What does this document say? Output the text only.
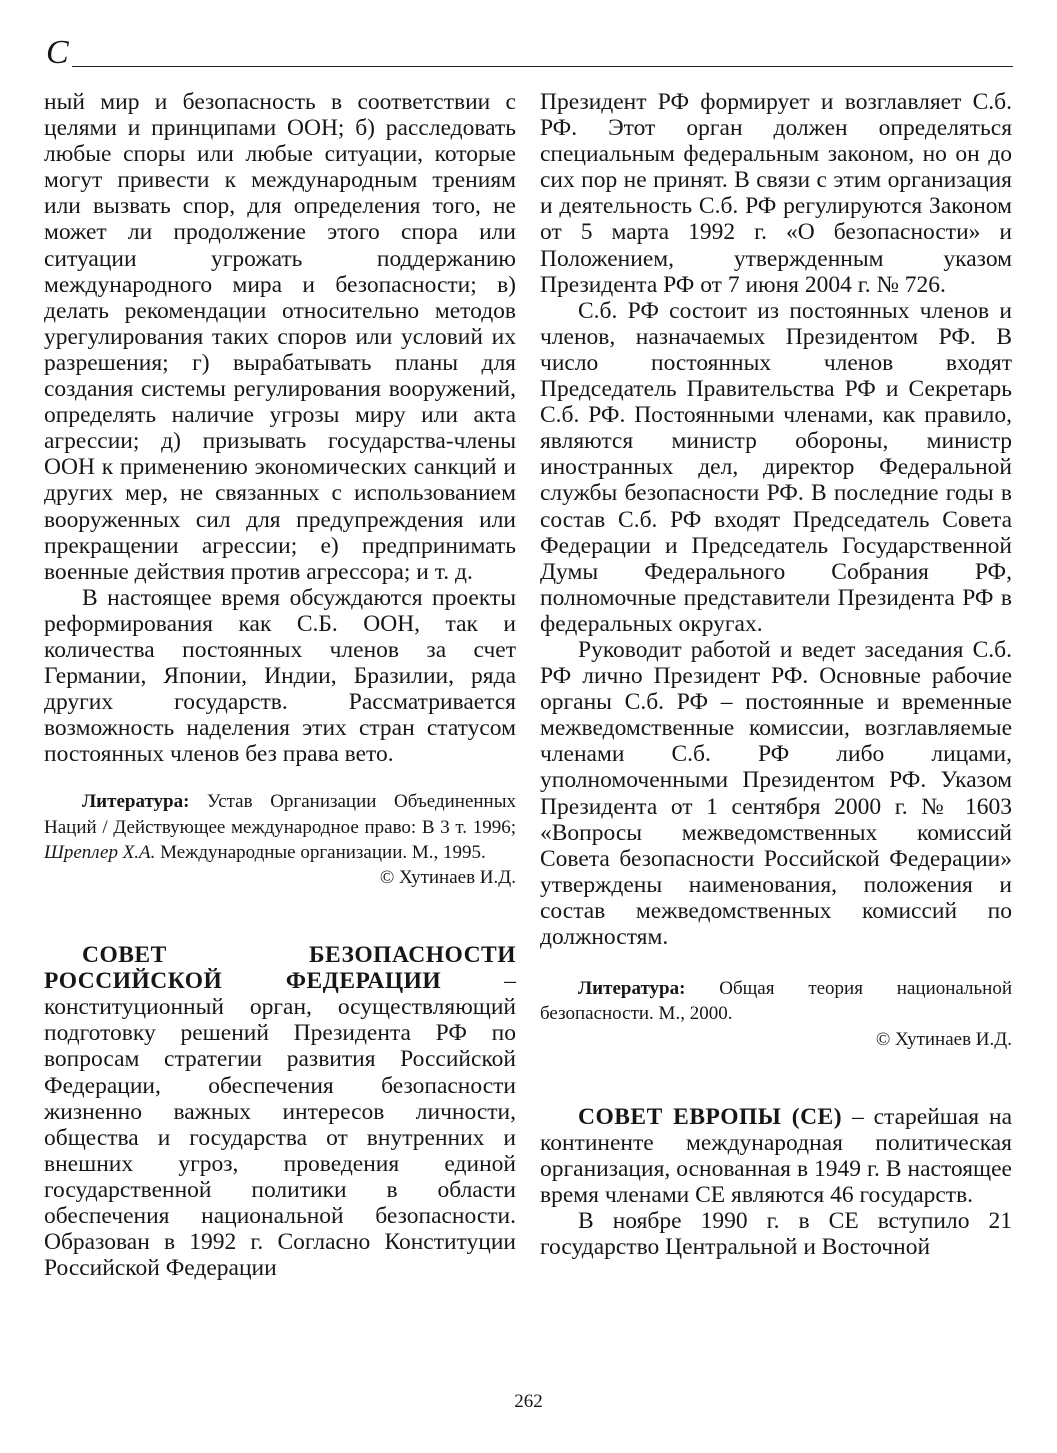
С

ный мир и безопасность в соответствии с целями и принципами ООН; б) расследовать любые споры или любые ситуации, которые могут привести к международным трениям или вызвать спор, для определения того, не может ли продолжение этого спора или ситуации угрожать поддержанию международного мира и безопасности; в) делать рекомендации относительно методов урегулирования таких споров или условий их разрешения; г) вырабатывать планы для создания системы регулирования вооружений, определять наличие угрозы миру или акта агрессии; д) призывать государства-члены ООН к применению экономических санкций и других мер, не связанных с использованием вооруженных сил для предупреждения или прекращении агрессии; е) предпринимать военные действия против агрессора; и т. д.

В настоящее время обсуждаются проекты реформирования как С.Б. ООН, так и количества постоянных членов за счет Германии, Японии, Индии, Бразилии, ряда других государств. Рассматривается возможность наделения этих стран статусом постоянных членов без права вето.

Литература: Устав Организации Объединенных Наций / Действующее международное право: В 3 т. 1996; Шреплер Х.А. Международные организации. М., 1995.

© Хутинаев И.Д.

СОВЕТ БЕЗОПАСНОСТИ РОССИЙСКОЙ ФЕДЕРАЦИИ – конституционный орган, осуществляющий подготовку решений Президента РФ по вопросам стратегии развития Российской Федерации, обеспечения безопасности жизненно важных интересов личности, общества и государства от внутренних и внешних угроз, проведения единой государственной политики в области обеспечения национальной безопасности. Образован в 1992 г. Согласно Конституции Российской Федерации

Президент РФ формирует и возглавляет С.б. РФ. Этот орган должен определяться специальным федеральным законом, но он до сих пор не принят. В связи с этим организация и деятельность С.б. РФ регулируются Законом от 5 марта 1992 г. «О безопасности» и Положением, утвержденным указом Президента РФ от 7 июня 2004 г. № 726.

С.б. РФ состоит из постоянных членов и членов, назначаемых Президентом РФ. В число постоянных членов входят Председатель Правительства РФ и Секретарь С.б. РФ. Постоянными членами, как правило, являются министр обороны, министр иностранных дел, директор Федеральной службы безопасности РФ. В последние годы в состав С.б. РФ входят Председатель Совета Федерации и Председатель Государственной Думы Федерального Собрания РФ, полномочные представители Президента РФ в федеральных округах.

Руководит работой и ведет заседания С.б. РФ лично Президент РФ. Основные рабочие органы С.б. РФ – постоянные и временные межведомственные комиссии, возглавляемые членами С.б. РФ либо лицами, уполномоченными Президентом РФ. Указом Президента от 1 сентября 2000 г. № 1603 «Вопросы межведомственных комиссий Совета безопасности Российской Федерации» утверждены наименования, положения и состав межведомственных комиссий по должностям.

Литература: Общая теория национальной безопасности. М., 2000.

© Хутинаев И.Д.

СОВЕТ ЕВРОПЫ (СЕ) – старейшая на континенте международная политическая организация, основанная в 1949 г. В настоящее время членами СЕ являются 46 государств.

В ноябре 1990 г. в СЕ вступило 21 государство Центральной и Восточной

262
